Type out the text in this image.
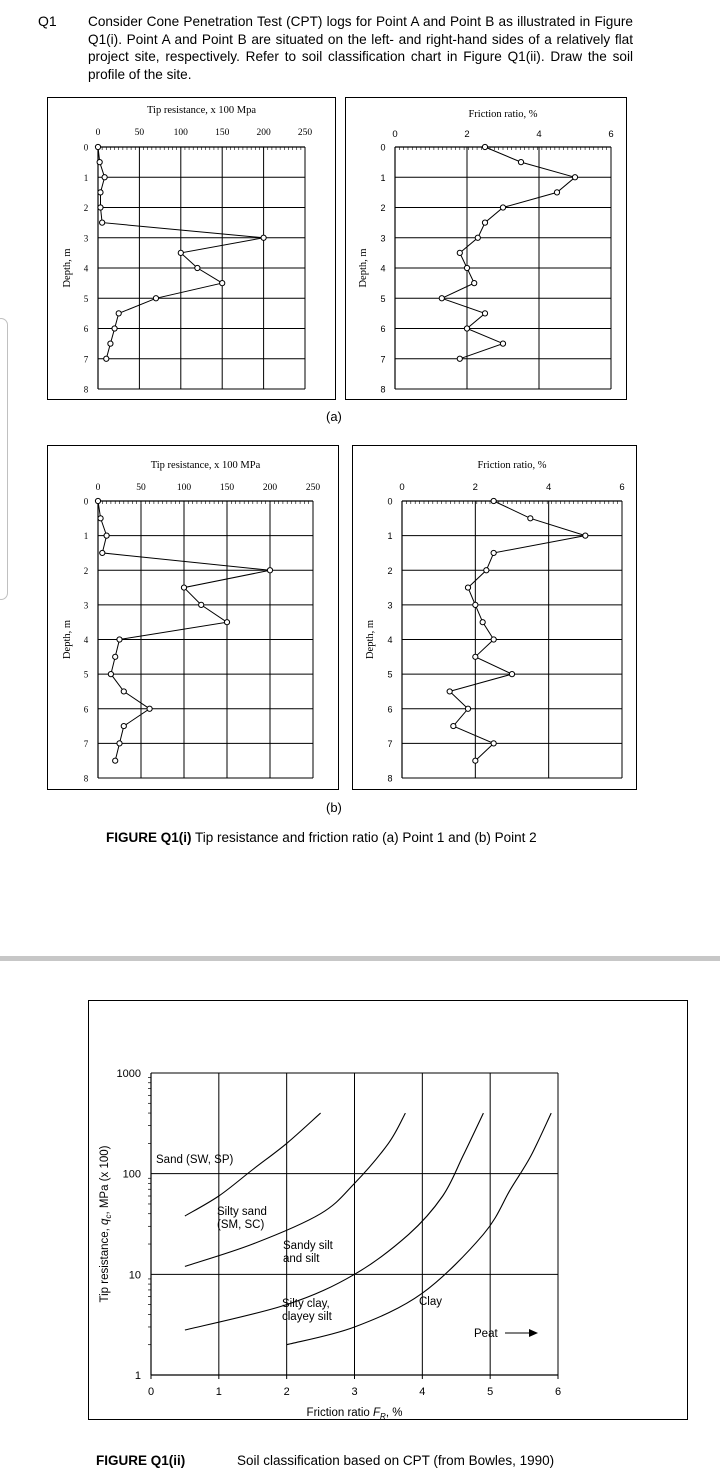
Q1 Consider Cone Penetration Test (CPT) logs for Point A and Point B as illustrated in Figure Q1(i). Point A and Point B are situated on the left- and right-hand sides of a relatively flat project site, respectively. Refer to soil classification chart in Figure Q1(ii). Draw the soil profile of the site.
Tip resistance, x 100 Mpa
0	50	100	150	200	250
0
1
2
3
4
5
6
7
8
Depth, m
Friction ratio, %
0	2	4	6
0
1
2
3
4
5
6
7
8
Depth, m
(a)
Tip resistance, x 100 MPa
0	50	100	150	200	250
0
1
2
3
4
5
6
7
8
Depth, m
Friction ratio, %
0	2	4	6
0
1
2
3
4
5
6
7
8
Depth, m
(b)
FIGURE Q1(i) Tip resistance and friction ratio (a) Point 1 and (b) Point 2
0	1	2	3	4	5	6
1
10
100
1000
Sand (SW, SP)
Silty sand (SM, SC)
Sandy silt and silt
Silty clay, clayey silt
Clay
Peat
Friction ratio $F_R$, %
Tip resistance, $q_c$, MPa (x 100)
FIGURE Q1(ii)	Soil classification based on CPT (from Bowles, 1990)
